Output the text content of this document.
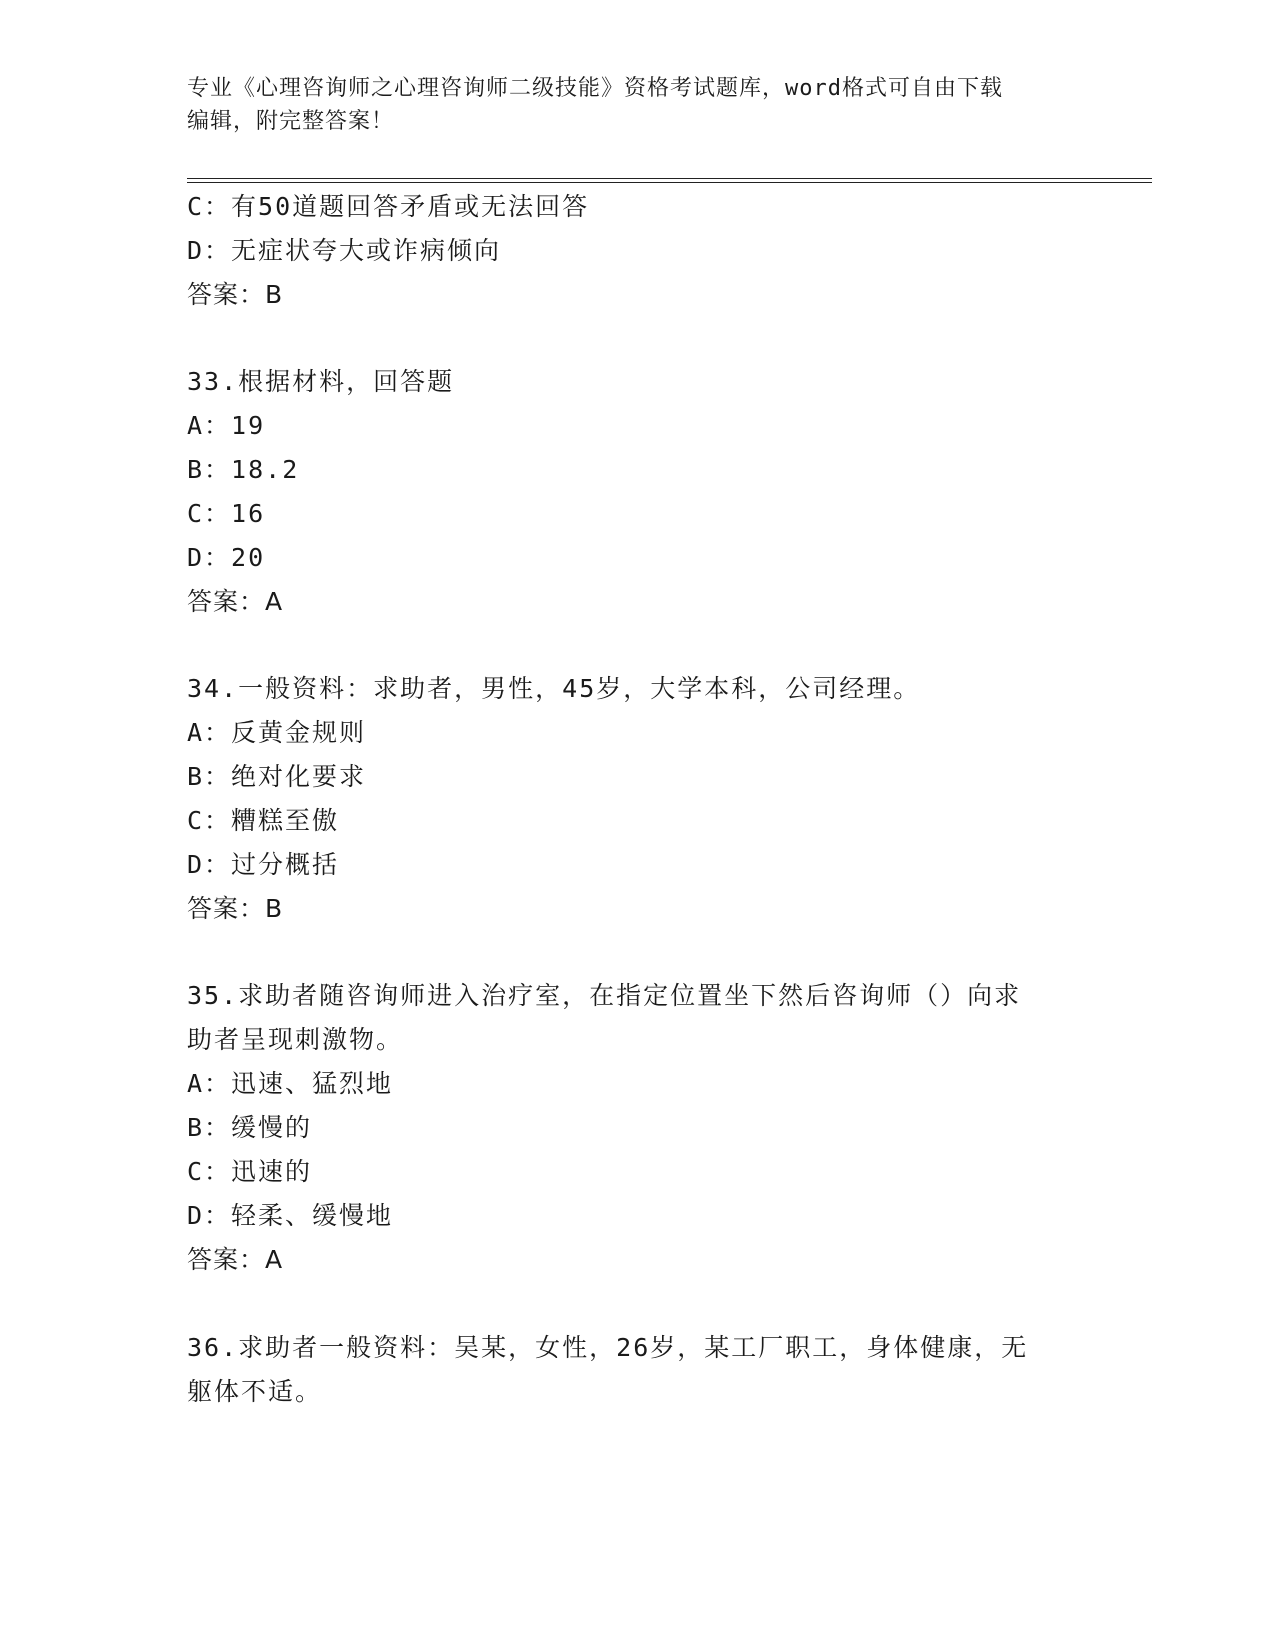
专业《心理咨询师之心理咨询师二级技能》资格考试题库，word格式可自由下载
编辑，附完整答案！
C：有50道题回答矛盾或无法回答
D：无症状夸大或诈病倾向
答案：B
33.根据材料，回答题
A：19
B：18.2
C：16
D：20
答案：A
34.一般资料：求助者，男性，45岁，大学本科，公司经理。
A：反黄金规则
B：绝对化要求
C：糟糕至傲
D：过分概括
答案：B
35.求助者随咨询师进入治疗室，在指定位置坐下然后咨询师（）向求
助者呈现刺激物。
A：迅速、猛烈地
B：缓慢的
C：迅速的
D：轻柔、缓慢地
答案：A
36.求助者一般资料：吴某，女性，26岁，某工厂职工，身体健康，无
躯体不适。
